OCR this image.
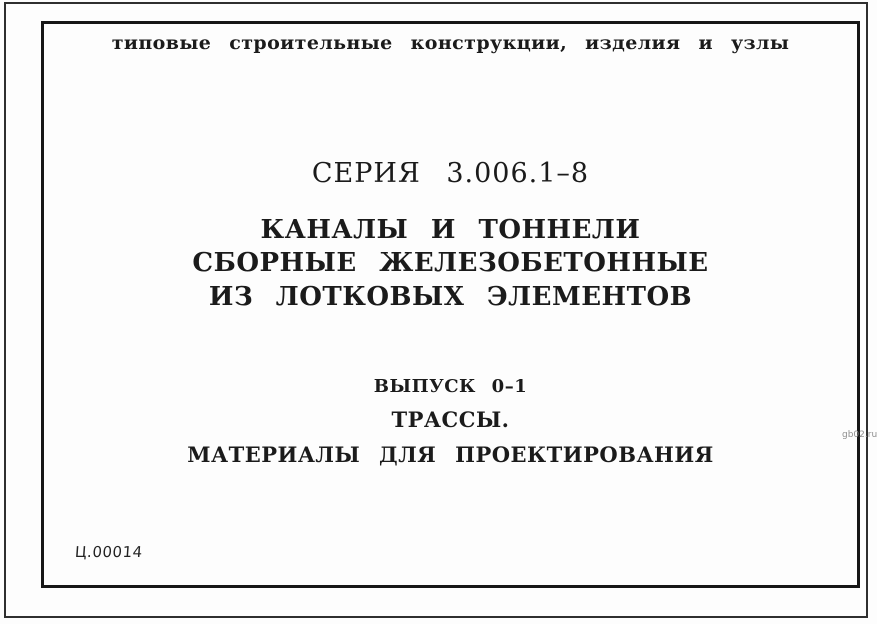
типовые строительные конструкции, изделия и узлы
СЕРИЯ 3.006.1–8
КАНАЛЫ И ТОННЕЛИ
СБОРНЫЕ ЖЕЛЕЗОБЕТОННЫЕ
ИЗ ЛОТКОВЫХ ЭЛЕМЕНТОВ
ВЫПУСК 0–1
ТРАССЫ.
МАТЕРИАЛЫ ДЛЯ ПРОЕКТИРОВАНИЯ
Ц.00014
gb02.ru
